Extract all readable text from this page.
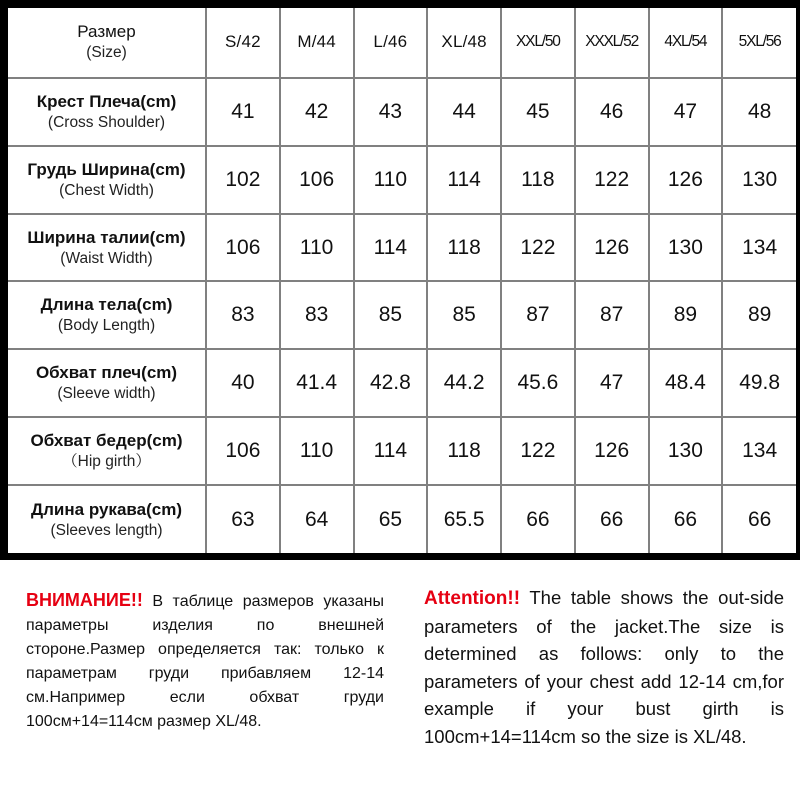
Размер
(Size)	S/42	M/44	L/46	XL/48	XXL/50	XXXL/52	4XL/54	5XL/56

Крест Плеча(cm)
(Cross Shoulder)	41	42	43	44	45	46	47	48

Грудь Ширина(cm)
(Chest Width)	102	106	110	114	118	122	126	130

Ширина талии(cm)
(Waist Width)	106	110	114	118	122	126	130	134

Длина тела(cm)
(Body Length)	83	83	85	85	87	87	89	89

Обхват плеч(cm)
(Sleeve width)	40	41.4	42.8	44.2	45.6	47	48.4	49.8

Обхват бедер(cm)
（Hip girth）	106	110	114	118	122	126	130	134

Длина рукава(cm)
(Sleeves length)	63	64	65	65.5	66	66	66	66
ВНИМАНИЕ!! В таблице размеров указаны параметры изделия по внешней стороне.Размер определяется так: только к параметрам груди прибавляем 12-14 см.Например если обхват груди 100см+14=114см размер XL/48.
Attention!! The table shows the out-side parameters of the jacket.The size is determined as follows: only to the parameters of your chest add 12-14 cm,for example if your bust girth is 100cm+14=114cm so the size is XL/48.
